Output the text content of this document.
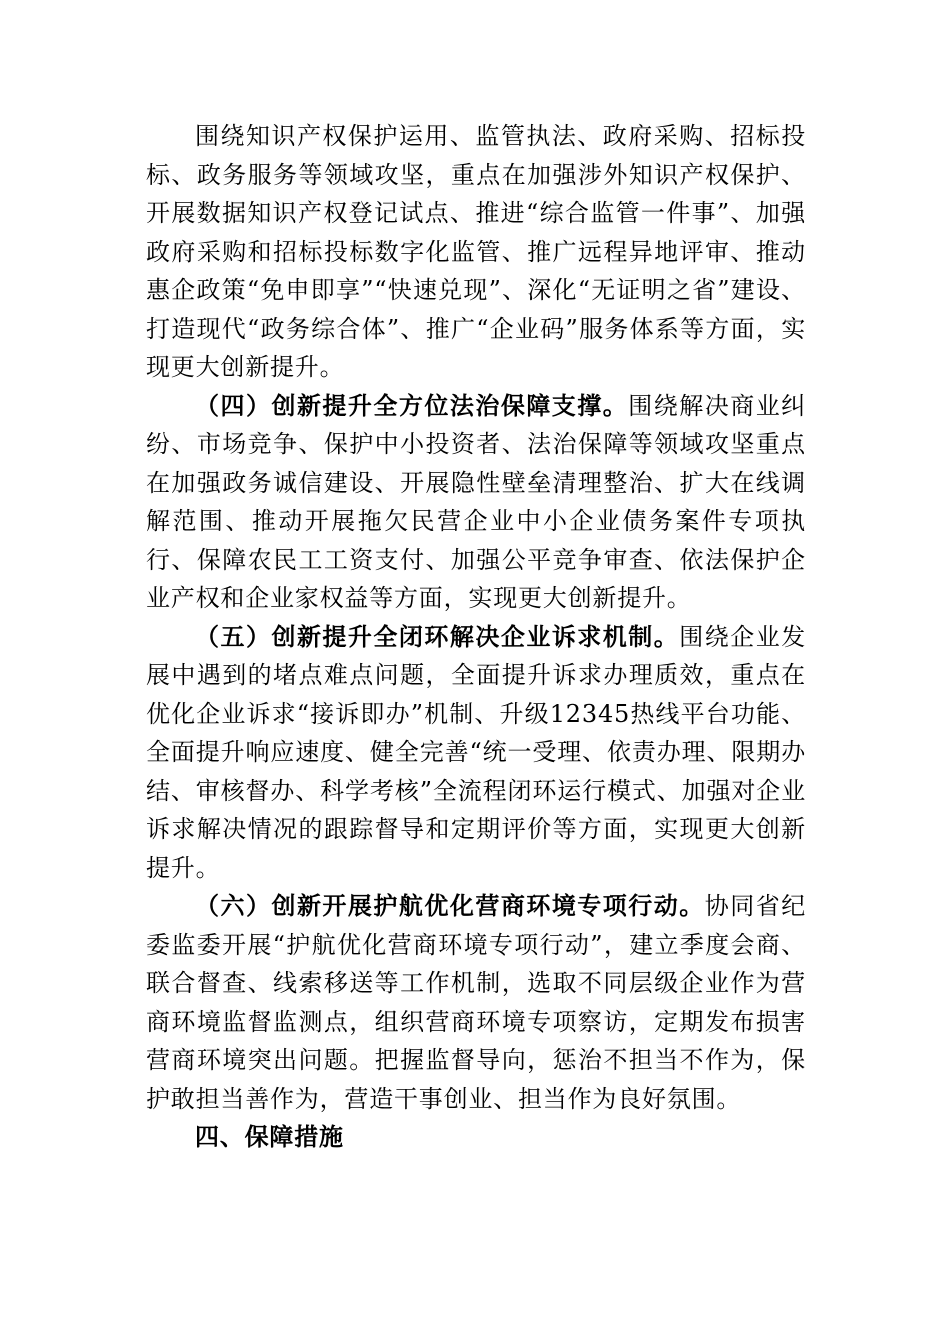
围绕知识产权保护运用、监管执法、政府采购、招标投标、政务服务等领域攻坚，重点在加强涉外知识产权保护、开展数据知识产权登记试点、推进“综合监管一件事”、加强政府采购和招标投标数字化监管、推广远程异地评审、推动惠企政策“免申即享”“快速兑现”、深化“无证明之省”建设、打造现代“政务综合体”、推广“企业码”服务体系等方面，实现更大创新提升。

（四）创新提升全方位法治保障支撑。围绕解决商业纠纷、市场竞争、保护中小投资者、法治保障等领域攻坚重点在加强政务诚信建设、开展隐性壁垒清理整治、扩大在线调解范围、推动开展拖欠民营企业中小企业债务案件专项执行、保障农民工工资支付、加强公平竞争审查、依法保护企业产权和企业家权益等方面，实现更大创新提升。

（五）创新提升全闭环解决企业诉求机制。围绕企业发展中遇到的堵点难点问题，全面提升诉求办理质效，重点在优化企业诉求“接诉即办”机制、升级12345热线平台功能、全面提升响应速度、健全完善“统一受理、依责办理、限期办结、审核督办、科学考核”全流程闭环运行模式、加强对企业诉求解决情况的跟踪督导和定期评价等方面，实现更大创新提升。

（六）创新开展护航优化营商环境专项行动。协同省纪委监委开展“护航优化营商环境专项行动”，建立季度会商、联合督查、线索移送等工作机制，选取不同层级企业作为营商环境监督监测点，组织营商环境专项察访，定期发布损害营商环境突出问题。把握监督导向，惩治不担当不作为，保护敢担当善作为，营造干事创业、担当作为良好氛围。

四、保障措施
